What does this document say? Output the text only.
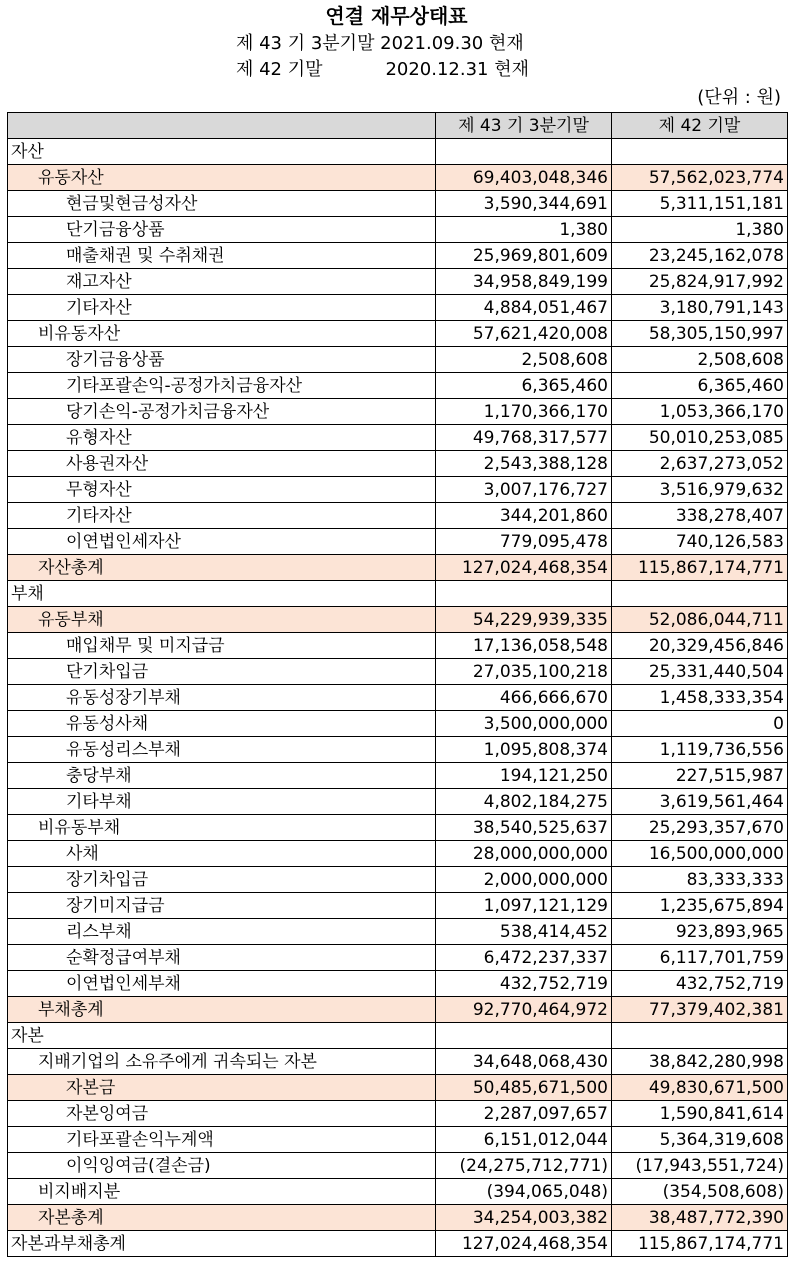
연결 재무상태표
제 43 기 3분기말 2021.09.30 현재
제 42 기말           2020.12.31 현재
(단위 : 원)
	제 43 기 3분기말	제 42 기말
자산		
유동자산	69,403,048,346	57,562,023,774
현금및현금성자산	3,590,344,691	5,311,151,181
단기금융상품	1,380	1,380
매출채권 및 수취채권	25,969,801,609	23,245,162,078
재고자산	34,958,849,199	25,824,917,992
기타자산	4,884,051,467	3,180,791,143
비유동자산	57,621,420,008	58,305,150,997
장기금융상품	2,508,608	2,508,608
기타포괄손익-공정가치금융자산	6,365,460	6,365,460
당기손익-공정가치금융자산	1,170,366,170	1,053,366,170
유형자산	49,768,317,577	50,010,253,085
사용권자산	2,543,388,128	2,637,273,052
무형자산	3,007,176,727	3,516,979,632
기타자산	344,201,860	338,278,407
이연법인세자산	779,095,478	740,126,583
자산총계	127,024,468,354	115,867,174,771
부채		
유동부채	54,229,939,335	52,086,044,711
매입채무 및 미지급금	17,136,058,548	20,329,456,846
단기차입금	27,035,100,218	25,331,440,504
유동성장기부채	466,666,670	1,458,333,354
유동성사채	3,500,000,000	0
유동성리스부채	1,095,808,374	1,119,736,556
충당부채	194,121,250	227,515,987
기타부채	4,802,184,275	3,619,561,464
비유동부채	38,540,525,637	25,293,357,670
사채	28,000,000,000	16,500,000,000
장기차입금	2,000,000,000	83,333,333
장기미지급금	1,097,121,129	1,235,675,894
리스부채	538,414,452	923,893,965
순확정급여부채	6,472,237,337	6,117,701,759
이연법인세부채	432,752,719	432,752,719
부채총계	92,770,464,972	77,379,402,381
자본		
지배기업의 소유주에게 귀속되는 자본	34,648,068,430	38,842,280,998
자본금	50,485,671,500	49,830,671,500
자본잉여금	2,287,097,657	1,590,841,614
기타포괄손익누계액	6,151,012,044	5,364,319,608
이익잉여금(결손금)	(24,275,712,771)	(17,943,551,724)
비지배지분	(394,065,048)	(354,508,608)
자본총계	34,254,003,382	38,487,772,390
자본과부채총계	127,024,468,354	115,867,174,771
